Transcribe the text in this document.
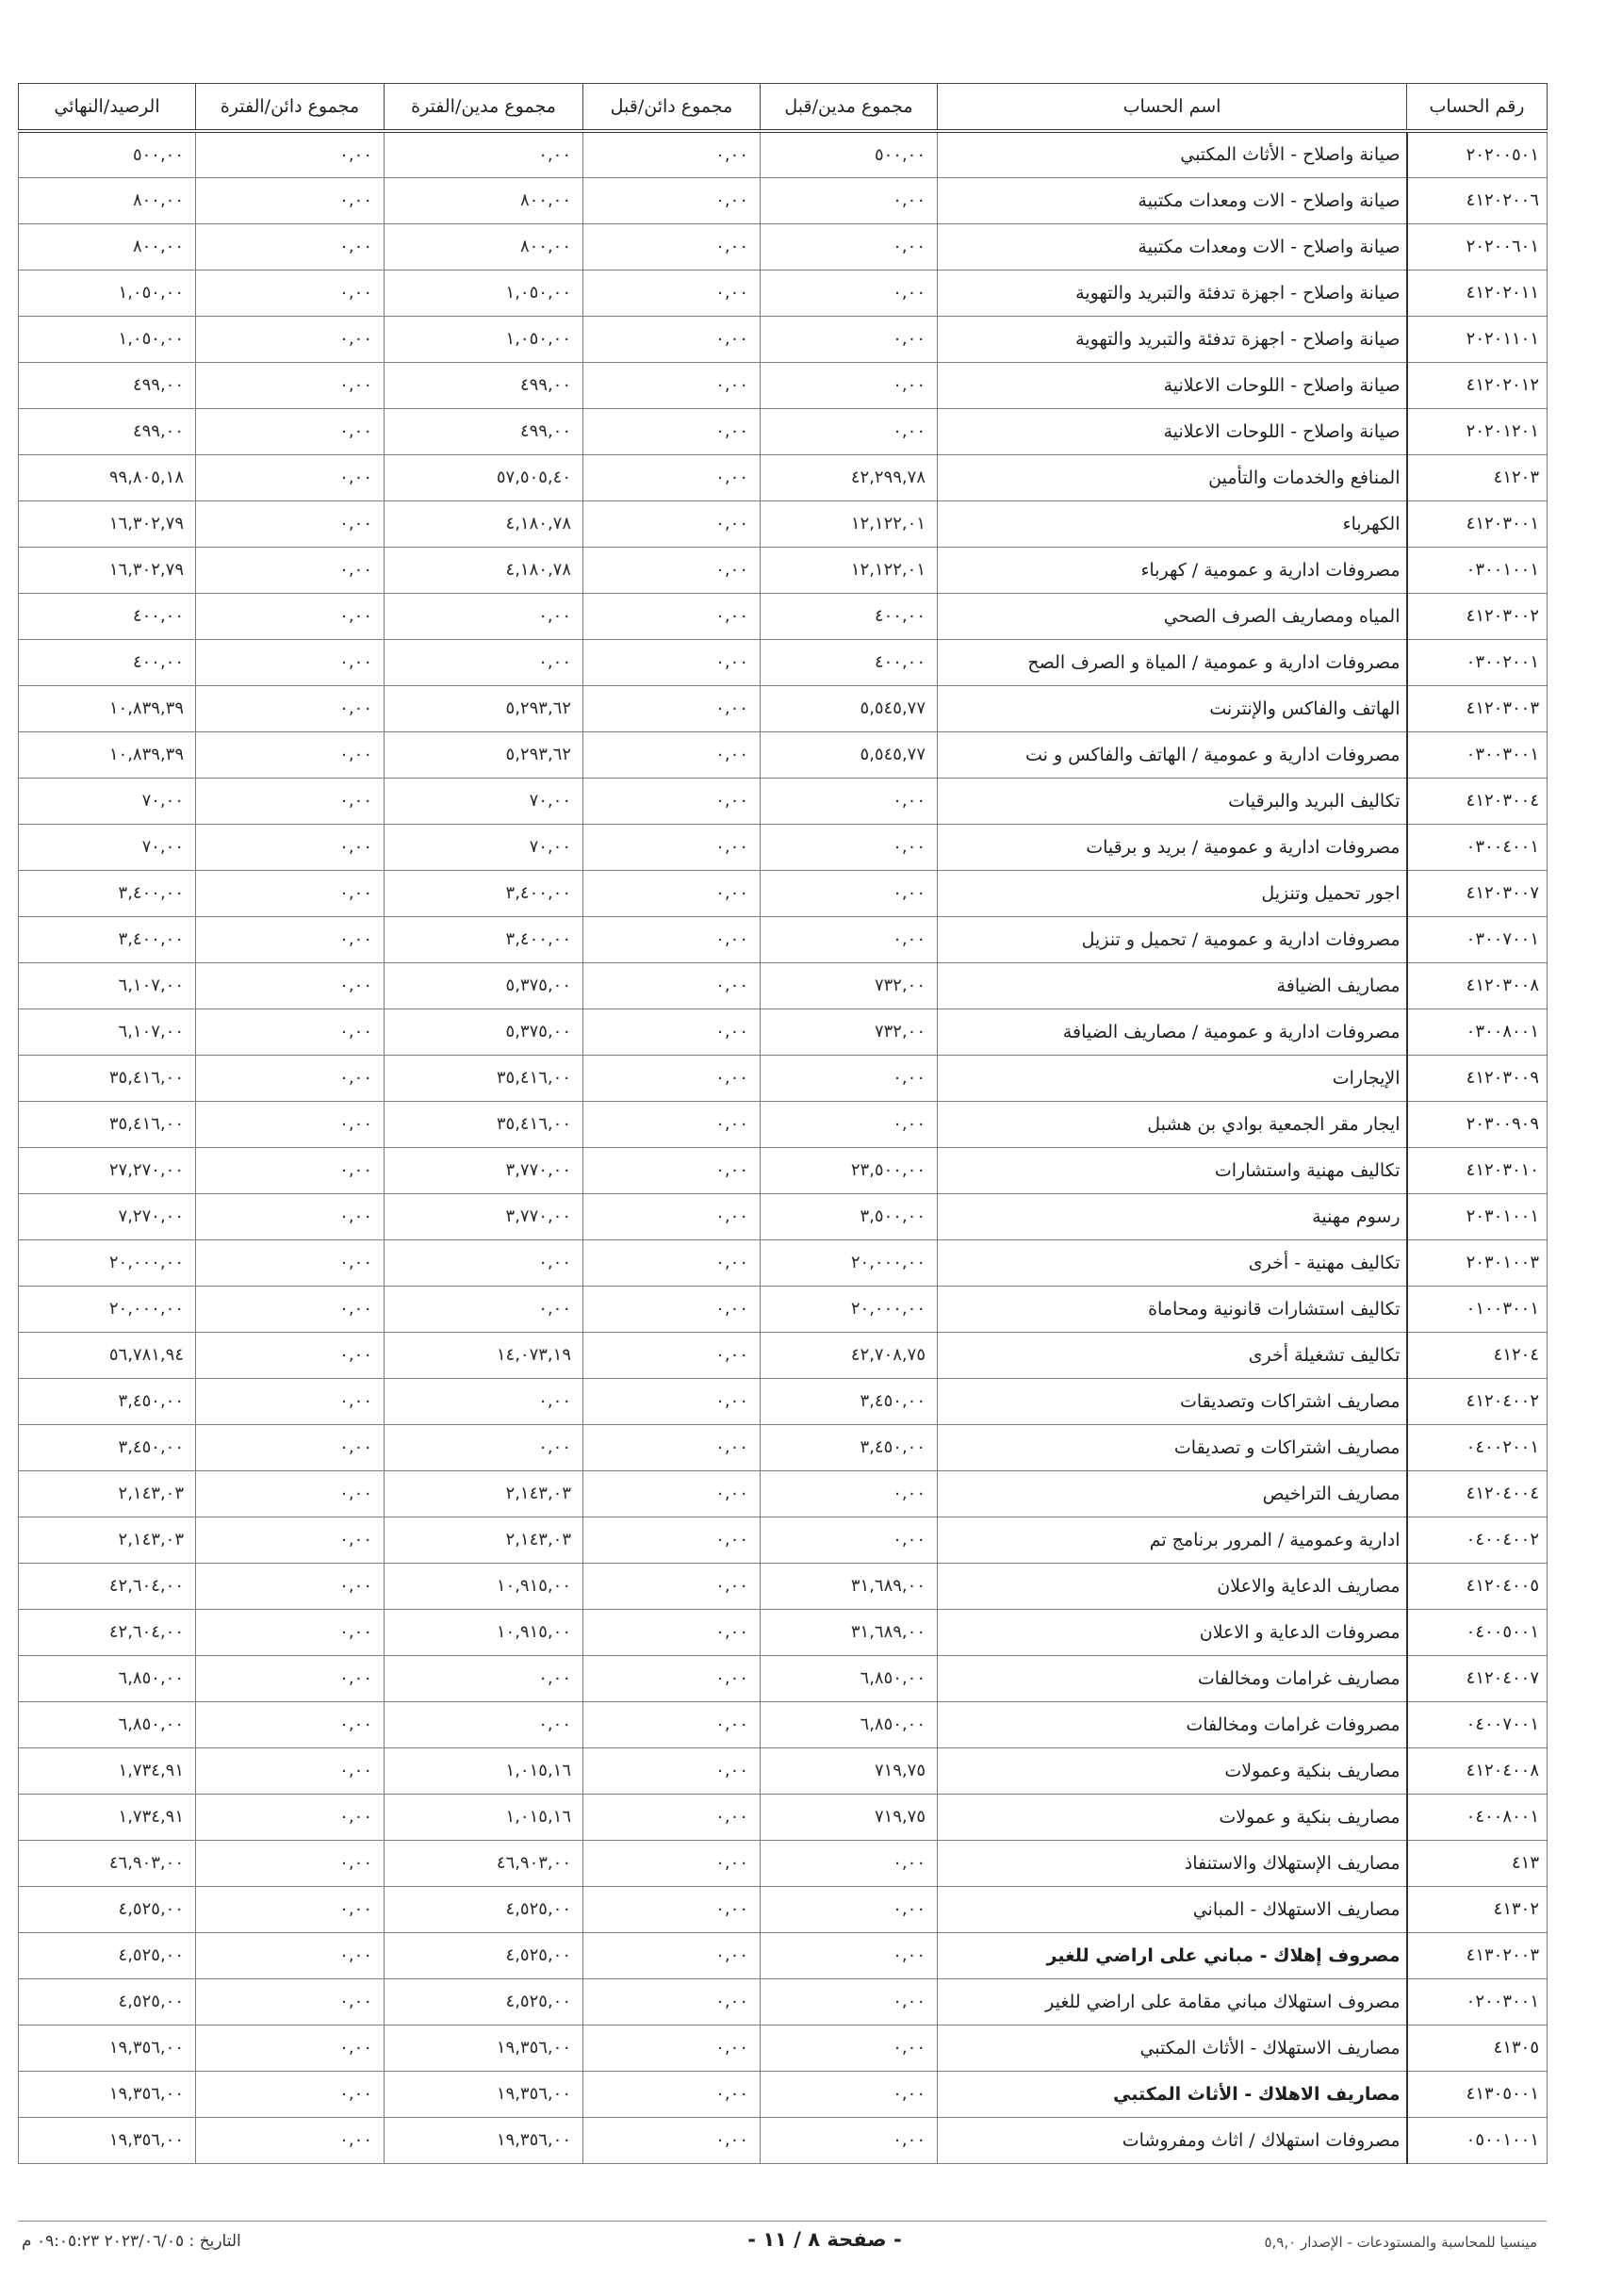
رقم الحساب	اسم الحساب	مجموع مدين/قبل	مجموع دائن/قبل	مجموع مدين/الفترة	مجموع دائن/الفترة	الرصيد/النهائي
٢٠٢٠٠٥٠١	صيانة واصلاح - الأثاث المكتبي	٥٠٠,٠٠	٠,٠٠	٠,٠٠	٠,٠٠	٥٠٠,٠٠
٤١٢٠٢٠٠٦	صيانة واصلاح - الات ومعدات مكتبية	٠,٠٠	٠,٠٠	٨٠٠,٠٠	٠,٠٠	٨٠٠,٠٠
٢٠٢٠٠٦٠١	صيانة واصلاح - الات ومعدات مكتبية	٠,٠٠	٠,٠٠	٨٠٠,٠٠	٠,٠٠	٨٠٠,٠٠
٤١٢٠٢٠١١	صيانة واصلاح - اجهزة تدفئة والتبريد والتهوية	٠,٠٠	٠,٠٠	١,٠٥٠,٠٠	٠,٠٠	١,٠٥٠,٠٠
٢٠٢٠١١٠١	صيانة واصلاح - اجهزة تدفئة والتبريد والتهوية	٠,٠٠	٠,٠٠	١,٠٥٠,٠٠	٠,٠٠	١,٠٥٠,٠٠
٤١٢٠٢٠١٢	صيانة واصلاح - اللوحات الاعلانية	٠,٠٠	٠,٠٠	٤٩٩,٠٠	٠,٠٠	٤٩٩,٠٠
٢٠٢٠١٢٠١	صيانة واصلاح - اللوحات الاعلانية	٠,٠٠	٠,٠٠	٤٩٩,٠٠	٠,٠٠	٤٩٩,٠٠
٤١٢٠٣	المنافع والخدمات والتأمين	٤٢,٢٩٩,٧٨	٠,٠٠	٥٧,٥٠٥,٤٠	٠,٠٠	٩٩,٨٠٥,١٨
٤١٢٠٣٠٠١	الكهرباء	١٢,١٢٢,٠١	٠,٠٠	٤,١٨٠,٧٨	٠,٠٠	١٦,٣٠٢,٧٩
٠٣٠٠١٠٠١	مصروفات ادارية و عمومية / كهرباء	١٢,١٢٢,٠١	٠,٠٠	٤,١٨٠,٧٨	٠,٠٠	١٦,٣٠٢,٧٩
٤١٢٠٣٠٠٢	المياه ومصاريف الصرف الصحي	٤٠٠,٠٠	٠,٠٠	٠,٠٠	٠,٠٠	٤٠٠,٠٠
٠٣٠٠٢٠٠١	مصروفات ادارية و عمومية / المياة و الصرف الصح	٤٠٠,٠٠	٠,٠٠	٠,٠٠	٠,٠٠	٤٠٠,٠٠
٤١٢٠٣٠٠٣	الهاتف والفاكس والإنترنت	٥,٥٤٥,٧٧	٠,٠٠	٥,٢٩٣,٦٢	٠,٠٠	١٠,٨٣٩,٣٩
٠٣٠٠٣٠٠١	مصروفات ادارية و عمومية / الهاتف والفاكس و نت	٥,٥٤٥,٧٧	٠,٠٠	٥,٢٩٣,٦٢	٠,٠٠	١٠,٨٣٩,٣٩
٤١٢٠٣٠٠٤	تكاليف البريد والبرقيات	٠,٠٠	٠,٠٠	٧٠,٠٠	٠,٠٠	٧٠,٠٠
٠٣٠٠٤٠٠١	مصروفات ادارية و عمومية / بريد و برقيات	٠,٠٠	٠,٠٠	٧٠,٠٠	٠,٠٠	٧٠,٠٠
٤١٢٠٣٠٠٧	اجور تحميل وتنزيل	٠,٠٠	٠,٠٠	٣,٤٠٠,٠٠	٠,٠٠	٣,٤٠٠,٠٠
٠٣٠٠٧٠٠١	مصروفات ادارية و عمومية / تحميل و تنزيل	٠,٠٠	٠,٠٠	٣,٤٠٠,٠٠	٠,٠٠	٣,٤٠٠,٠٠
٤١٢٠٣٠٠٨	مصاريف الضيافة	٧٣٢,٠٠	٠,٠٠	٥,٣٧٥,٠٠	٠,٠٠	٦,١٠٧,٠٠
٠٣٠٠٨٠٠١	مصروفات ادارية و عمومية / مصاريف الضيافة	٧٣٢,٠٠	٠,٠٠	٥,٣٧٥,٠٠	٠,٠٠	٦,١٠٧,٠٠
٤١٢٠٣٠٠٩	الإيجارات	٠,٠٠	٠,٠٠	٣٥,٤١٦,٠٠	٠,٠٠	٣٥,٤١٦,٠٠
٢٠٣٠٠٩٠٩	ايجار مقر الجمعية بوادي بن هشبل	٠,٠٠	٠,٠٠	٣٥,٤١٦,٠٠	٠,٠٠	٣٥,٤١٦,٠٠
٤١٢٠٣٠١٠	تكاليف مهنية واستشارات	٢٣,٥٠٠,٠٠	٠,٠٠	٣,٧٧٠,٠٠	٠,٠٠	٢٧,٢٧٠,٠٠
٢٠٣٠١٠٠١	رسوم مهنية	٣,٥٠٠,٠٠	٠,٠٠	٣,٧٧٠,٠٠	٠,٠٠	٧,٢٧٠,٠٠
٢٠٣٠١٠٠٣	تكاليف مهنية - أخرى	٢٠,٠٠٠,٠٠	٠,٠٠	٠,٠٠	٠,٠٠	٢٠,٠٠٠,٠٠
٠١٠٠٣٠٠١	تكاليف استشارات قانونية ومحاماة	٢٠,٠٠٠,٠٠	٠,٠٠	٠,٠٠	٠,٠٠	٢٠,٠٠٠,٠٠
٤١٢٠٤	تكاليف تشغيلة أخرى	٤٢,٧٠٨,٧٥	٠,٠٠	١٤,٠٧٣,١٩	٠,٠٠	٥٦,٧٨١,٩٤
٤١٢٠٤٠٠٢	مصاريف اشتراكات وتصديقات	٣,٤٥٠,٠٠	٠,٠٠	٠,٠٠	٠,٠٠	٣,٤٥٠,٠٠
٠٤٠٠٢٠٠١	مصاريف اشتراكات و تصديقات	٣,٤٥٠,٠٠	٠,٠٠	٠,٠٠	٠,٠٠	٣,٤٥٠,٠٠
٤١٢٠٤٠٠٤	مصاريف التراخيص	٠,٠٠	٠,٠٠	٢,١٤٣,٠٣	٠,٠٠	٢,١٤٣,٠٣
٠٤٠٠٤٠٠٢	ادارية وعمومية / المرور برنامج تم	٠,٠٠	٠,٠٠	٢,١٤٣,٠٣	٠,٠٠	٢,١٤٣,٠٣
٤١٢٠٤٠٠٥	مصاريف الدعاية والاعلان	٣١,٦٨٩,٠٠	٠,٠٠	١٠,٩١٥,٠٠	٠,٠٠	٤٢,٦٠٤,٠٠
٠٤٠٠٥٠٠١	مصروفات الدعاية و الاعلان	٣١,٦٨٩,٠٠	٠,٠٠	١٠,٩١٥,٠٠	٠,٠٠	٤٢,٦٠٤,٠٠
٤١٢٠٤٠٠٧	مصاريف غرامات ومخالفات	٦,٨٥٠,٠٠	٠,٠٠	٠,٠٠	٠,٠٠	٦,٨٥٠,٠٠
٠٤٠٠٧٠٠١	مصروفات غرامات ومخالفات	٦,٨٥٠,٠٠	٠,٠٠	٠,٠٠	٠,٠٠	٦,٨٥٠,٠٠
٤١٢٠٤٠٠٨	مصاريف بنكية وعمولات	٧١٩,٧٥	٠,٠٠	١,٠١٥,١٦	٠,٠٠	١,٧٣٤,٩١
٠٤٠٠٨٠٠١	مصاريف بنكية و عمولات	٧١٩,٧٥	٠,٠٠	١,٠١٥,١٦	٠,٠٠	١,٧٣٤,٩١
٤١٣	مصاريف الإستهلاك والاستنفاذ	٠,٠٠	٠,٠٠	٤٦,٩٠٣,٠٠	٠,٠٠	٤٦,٩٠٣,٠٠
٤١٣٠٢	مصاريف الاستهلاك - المباني	٠,٠٠	٠,٠٠	٤,٥٢٥,٠٠	٠,٠٠	٤,٥٢٥,٠٠
٤١٣٠٢٠٠٣	مصروف إهلاك - مباني على اراضي للغير	٠,٠٠	٠,٠٠	٤,٥٢٥,٠٠	٠,٠٠	٤,٥٢٥,٠٠
٠٢٠٠٣٠٠١	مصروف استهلاك مباني مقامة على اراضي للغير	٠,٠٠	٠,٠٠	٤,٥٢٥,٠٠	٠,٠٠	٤,٥٢٥,٠٠
٤١٣٠٥	مصاريف الاستهلاك - الأثاث المكتبي	٠,٠٠	٠,٠٠	١٩,٣٥٦,٠٠	٠,٠٠	١٩,٣٥٦,٠٠
٤١٣٠٥٠٠١	مصاريف الاهلاك - الأثاث المكتبي	٠,٠٠	٠,٠٠	١٩,٣٥٦,٠٠	٠,٠٠	١٩,٣٥٦,٠٠
٠٥٠٠١٠٠١	مصروفات استهلاك / اثاث ومفروشات	٠,٠٠	٠,٠٠	١٩,٣٥٦,٠٠	٠,٠٠	١٩,٣٥٦,٠٠
مينسيا للمحاسبة والمستودعات - الإصدار ٥,٩,٠
- صفحة ٨ / ١١ -
التاريخ : ٢٠٢٣/٠٦/٠٥ ٠٩:٠٥:٢٣ م
